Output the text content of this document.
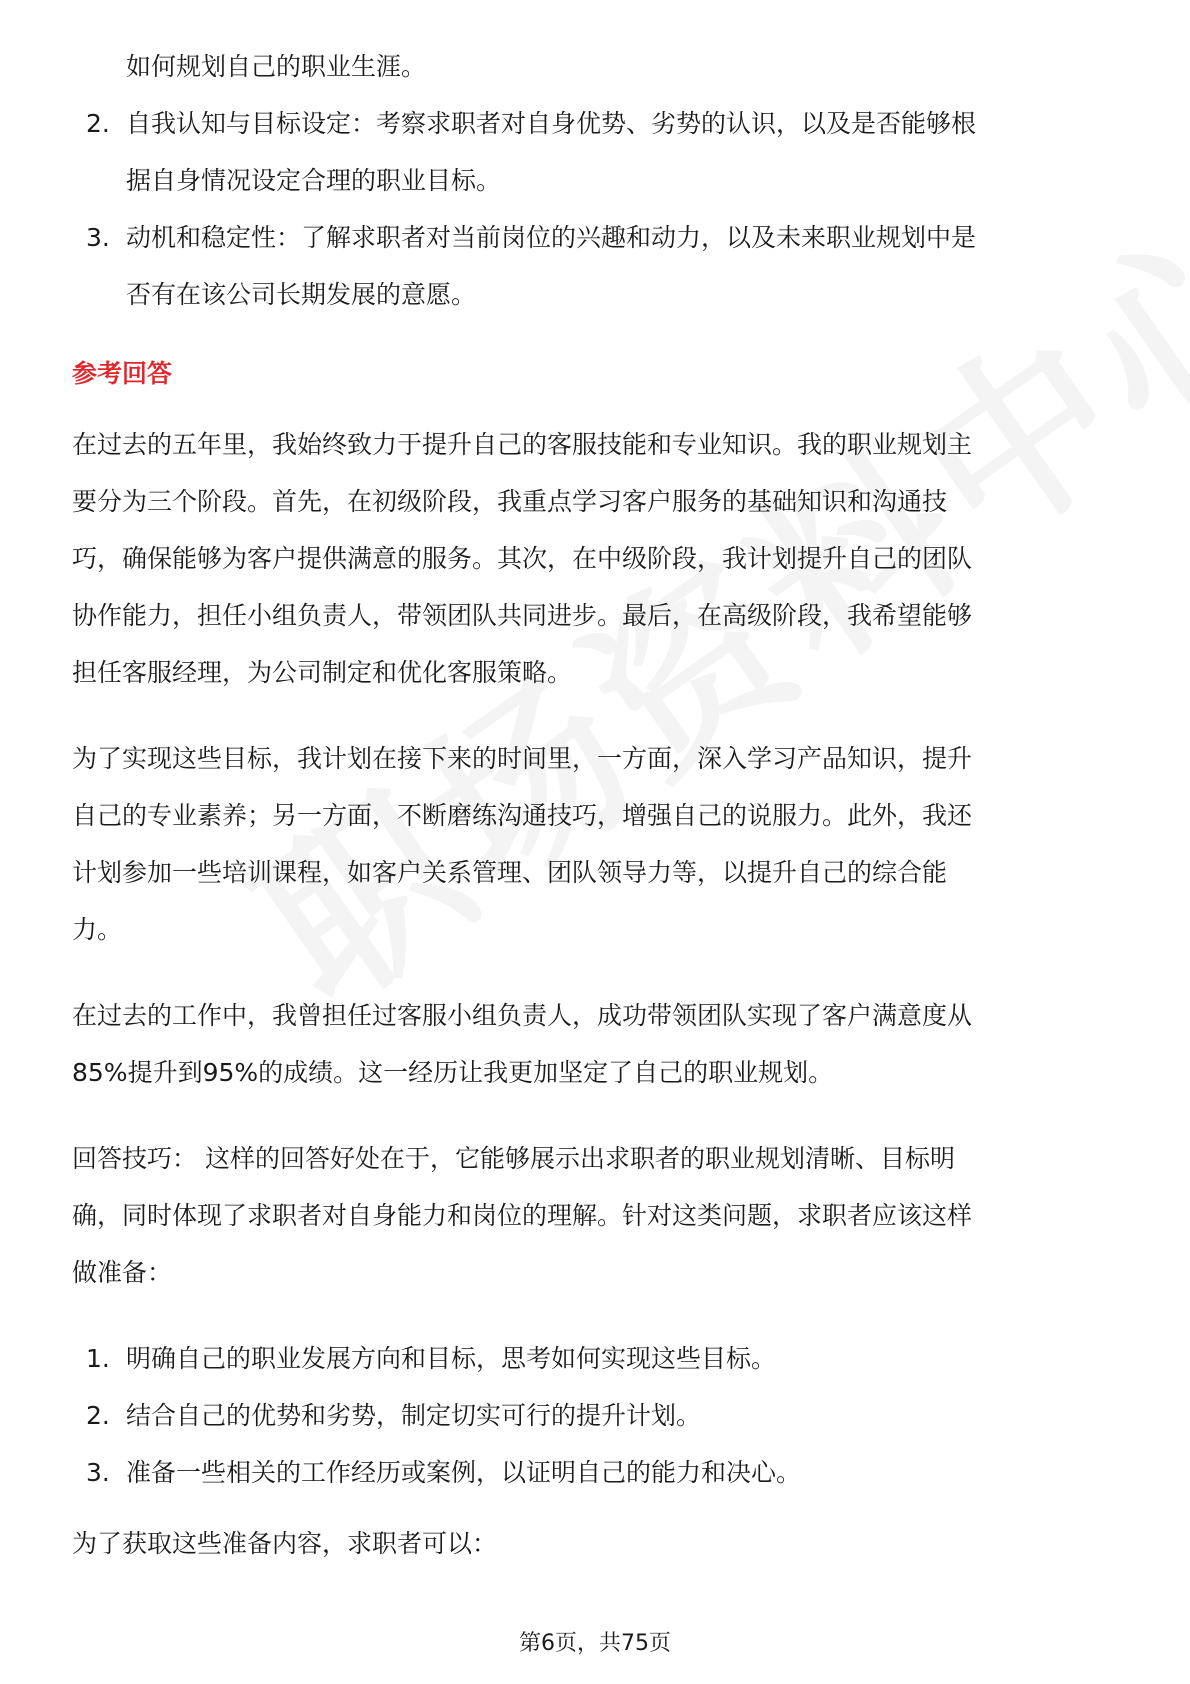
如何规划自己的职业生涯。

2. 自我认知与目标设定：考察求职者对自身优势、劣势的认识，以及是否能够根
据自身情况设定合理的职业目标。
3. 动机和稳定性：了解求职者对当前岗位的兴趣和动力，以及未来职业规划中是
否有在该公司长期发展的意愿。
参考回答

在过去的五年里，我始终致力于提升自己的客服技能和专业知识。我的职业规划主
要分为三个阶段。首先，在初级阶段，我重点学习客户服务的基础知识和沟通技
巧，确保能够为客户提供满意的服务。其次，在中级阶段，我计划提升自己的团队
协作能力，担任小组负责人，带领团队共同进步。最后，在高级阶段，我希望能够
担任客服经理，为公司制定和优化客服策略。

为了实现这些目标，我计划在接下来的时间里，一方面，深入学习产品知识，提升
自己的专业素养；另一方面，不断磨练沟通技巧，增强自己的说服力。此外，我还
计划参加一些培训课程，如客户关系管理、团队领导力等，以提升自己的综合能
力。

在过去的工作中，我曾担任过客服小组负责人，成功带领团队实现了客户满意度从
85%提升到95%的成绩。这一经历让我更加坚定了自己的职业规划。

回答技巧： 这样的回答好处在于，它能够展示出求职者的职业规划清晰、目标明
确，同时体现了求职者对自身能力和岗位的理解。针对这类问题，求职者应该这样
做准备：

1. 明确自己的职业发展方向和目标，思考如何实现这些目标。
2. 结合自己的优势和劣势，制定切实可行的提升计划。
3. 准备一些相关的工作经历或案例，以证明自己的能力和决心。

为了获取这些准备内容，求职者可以：

第6页，共75页
